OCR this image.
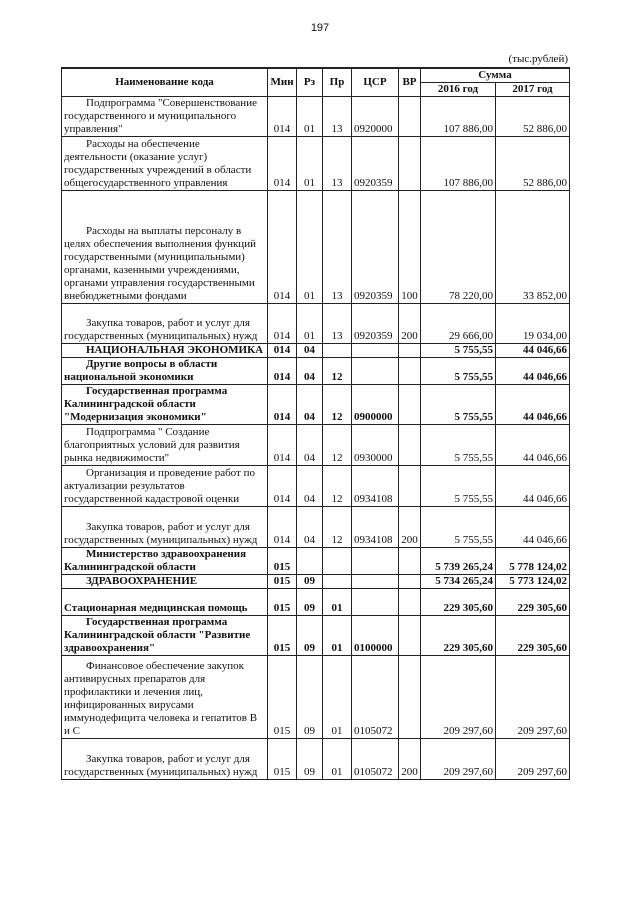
197
(тыс.рублей)
Наименование кода	Мин	Рз	Пр	ЦСР	ВР	Сумма	
						2016 год	2017 год
Подпрограмма "Совершенствование государственного и муниципального управления"	014	01	13	0920000		107 886,00	52 886,00
Расходы на обеспечение деятельности (оказание услуг) государственных учреждений в области общегосударственного управления	014	01	13	0920359		107 886,00	52 886,00
Расходы на выплаты персоналу в целях обеспечения выполнения функций государственными (муниципальными) органами, казенными учреждениями, органами управления государственными внебюджетными фондами	014	01	13	0920359	100	78 220,00	33 852,00
Закупка товаров, работ и услуг для государственных (муниципальных) нужд	014	01	13	0920359	200	29 666,00	19 034,00
НАЦИОНАЛЬНАЯ ЭКОНОМИКА	014	04				5 755,55	44 046,66
Другие вопросы в области национальной экономики	014	04	12			5 755,55	44 046,66
Государственная программа Калининградской области "Модернизация экономики"	014	04	12	0900000		5 755,55	44 046,66
Подпрограмма " Создание благоприятных условий для развития рынка недвижимости"	014	04	12	0930000		5 755,55	44 046,66
Организация и проведение работ по актуализации результатов государственной кадастровой оценки	014	04	12	0934108		5 755,55	44 046,66
Закупка товаров, работ и услуг для государственных (муниципальных) нужд	014	04	12	0934108	200	5 755,55	44 046,66
Министерство здравоохранения Калининградской области	015					5 739 265,24	5 778 124,02
ЗДРАВООХРАНЕНИЕ	015	09				5 734 265,24	5 773 124,02
Стационарная медицинская помощь	015	09	01			229 305,60	229 305,60
Государственная программа Калининградской области "Развитие здравоохранения"	015	09	01	0100000		229 305,60	229 305,60
Финансовое обеспечение закупок антивирусных препаратов для профилактики и лечения лиц, инфицированных вирусами иммунодефицита человека и гепатитов В и С	015	09	01	0105072		209 297,60	209 297,60
Закупка товаров, работ и услуг для государственных (муниципальных) нужд	015	09	01	0105072	200	209 297,60	209 297,60
